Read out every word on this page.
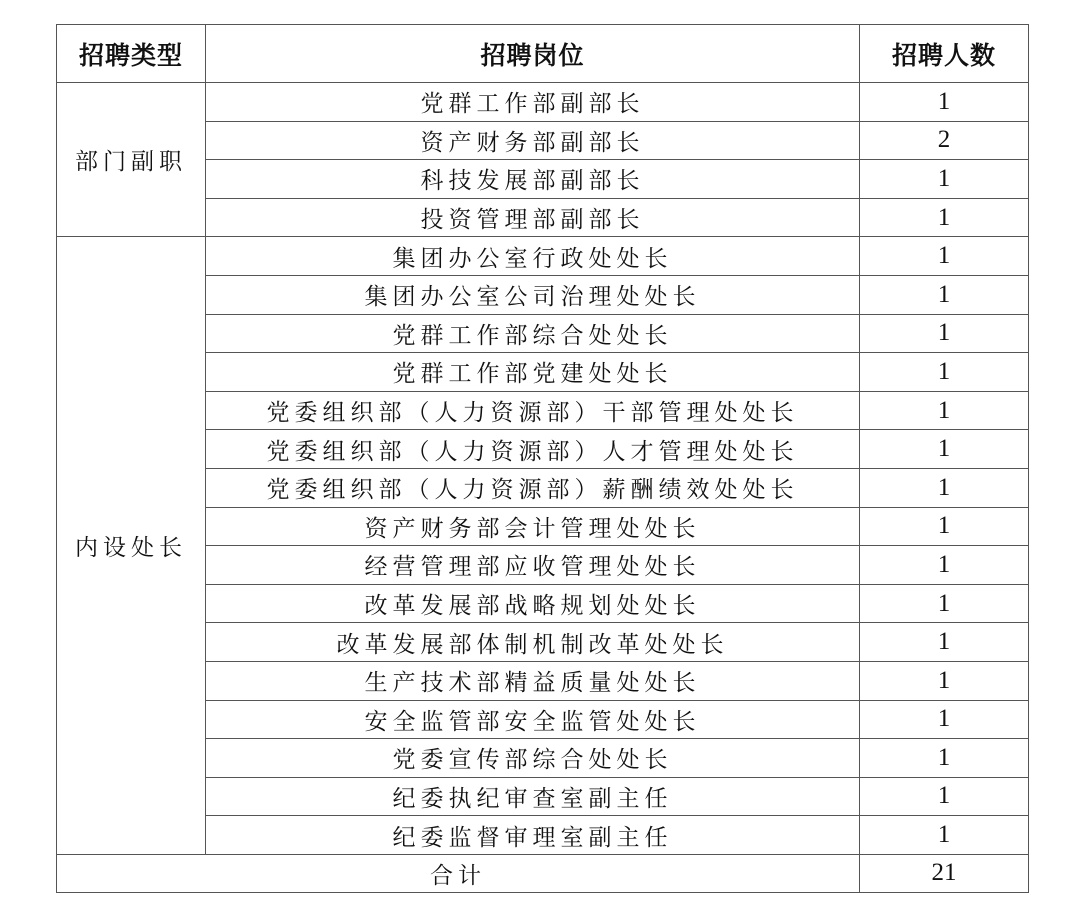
招聘类型	招聘岗位	招聘人数
部门副职	党群工作部副部长	1
	资产财务部副部长	2
	科技发展部副部长	1
	投资管理部副部长	1
内设处长	集团办公室行政处处长	1
	集团办公室公司治理处处长	1
	党群工作部综合处处长	1
	党群工作部党建处处长	1
	党委组织部（人力资源部）干部管理处处长	1
	党委组织部（人力资源部）人才管理处处长	1
	党委组织部（人力资源部）薪酬绩效处处长	1
	资产财务部会计管理处处长	1
	经营管理部应收管理处处长	1
	改革发展部战略规划处处长	1
	改革发展部体制机制改革处处长	1
	生产技术部精益质量处处长	1
	安全监管部安全监管处处长	1
	党委宣传部综合处处长	1
	纪委执纪审查室副主任	1
	纪委监督审理室副主任	1
合计		21
